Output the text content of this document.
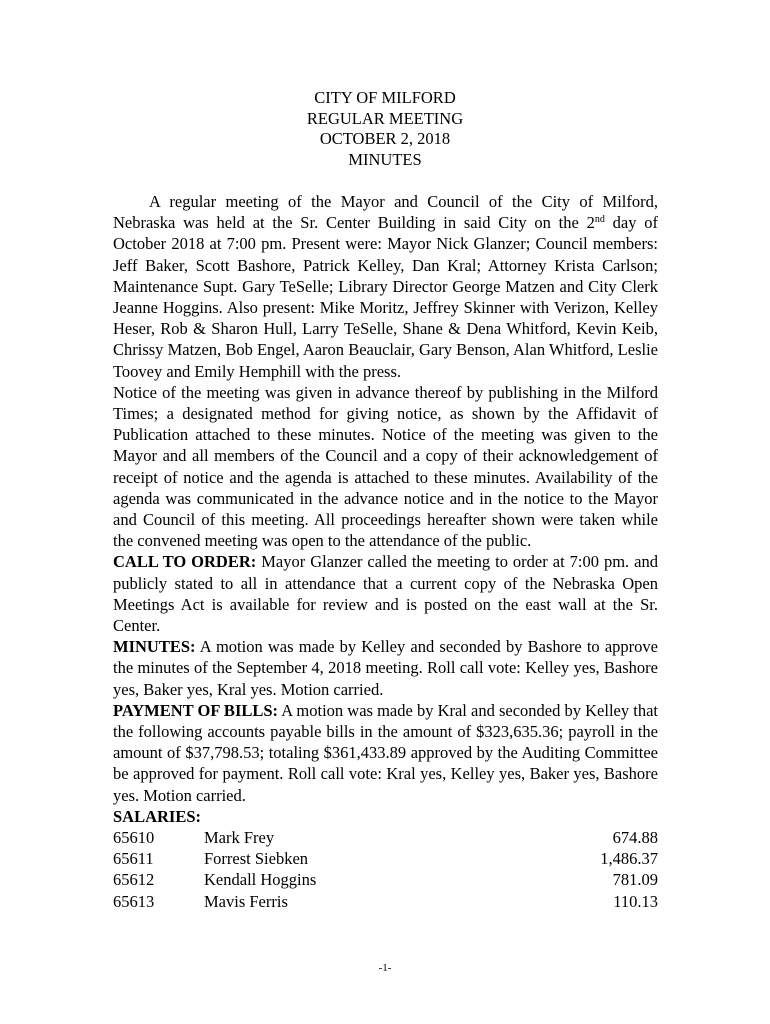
CITY OF MILFORD
REGULAR MEETING
OCTOBER 2, 2018
MINUTES

A regular meeting of the Mayor and Council of the City of Milford, Nebraska was held at the Sr. Center Building in said City on the 2nd day of October 2018 at 7:00 pm. Present were: Mayor Nick Glanzer; Council members: Jeff Baker, Scott Bashore, Patrick Kelley, Dan Kral; Attorney Krista Carlson; Maintenance Supt. Gary TeSelle; Library Director George Matzen and City Clerk Jeanne Hoggins. Also present: Mike Moritz, Jeffrey Skinner with Verizon, Kelley Heser, Rob & Sharon Hull, Larry TeSelle, Shane & Dena Whitford, Kevin Keib, Chrissy Matzen, Bob Engel, Aaron Beauclair, Gary Benson, Alan Whitford, Leslie Toovey and Emily Hemphill with the press.

Notice of the meeting was given in advance thereof by publishing in the Milford Times; a designated method for giving notice, as shown by the Affidavit of Publication attached to these minutes. Notice of the meeting was given to the Mayor and all members of the Council and a copy of their acknowledgement of receipt of notice and the agenda is attached to these minutes. Availability of the agenda was communicated in the advance notice and in the notice to the Mayor and Council of this meeting. All proceedings hereafter shown were taken while the convened meeting was open to the attendance of the public.

CALL TO ORDER: Mayor Glanzer called the meeting to order at 7:00 pm. and publicly stated to all in attendance that a current copy of the Nebraska Open Meetings Act is available for review and is posted on the east wall at the Sr. Center.

MINUTES: A motion was made by Kelley and seconded by Bashore to approve the minutes of the September 4, 2018 meeting. Roll call vote: Kelley yes, Bashore yes, Baker yes, Kral yes. Motion carried.

PAYMENT OF BILLS: A motion was made by Kral and seconded by Kelley that the following accounts payable bills in the amount of $323,635.36; payroll in the amount of $37,798.53; totaling $361,433.89 approved by the Auditing Committee be approved for payment. Roll call vote: Kral yes, Kelley yes, Baker yes, Bashore yes. Motion carried.

SALARIES:

65610	Mark Frey	674.88
65611	Forrest Siebken	1,486.37
65612	Kendall Hoggins	781.09
65613	Mavis Ferris	110.13
-1-
